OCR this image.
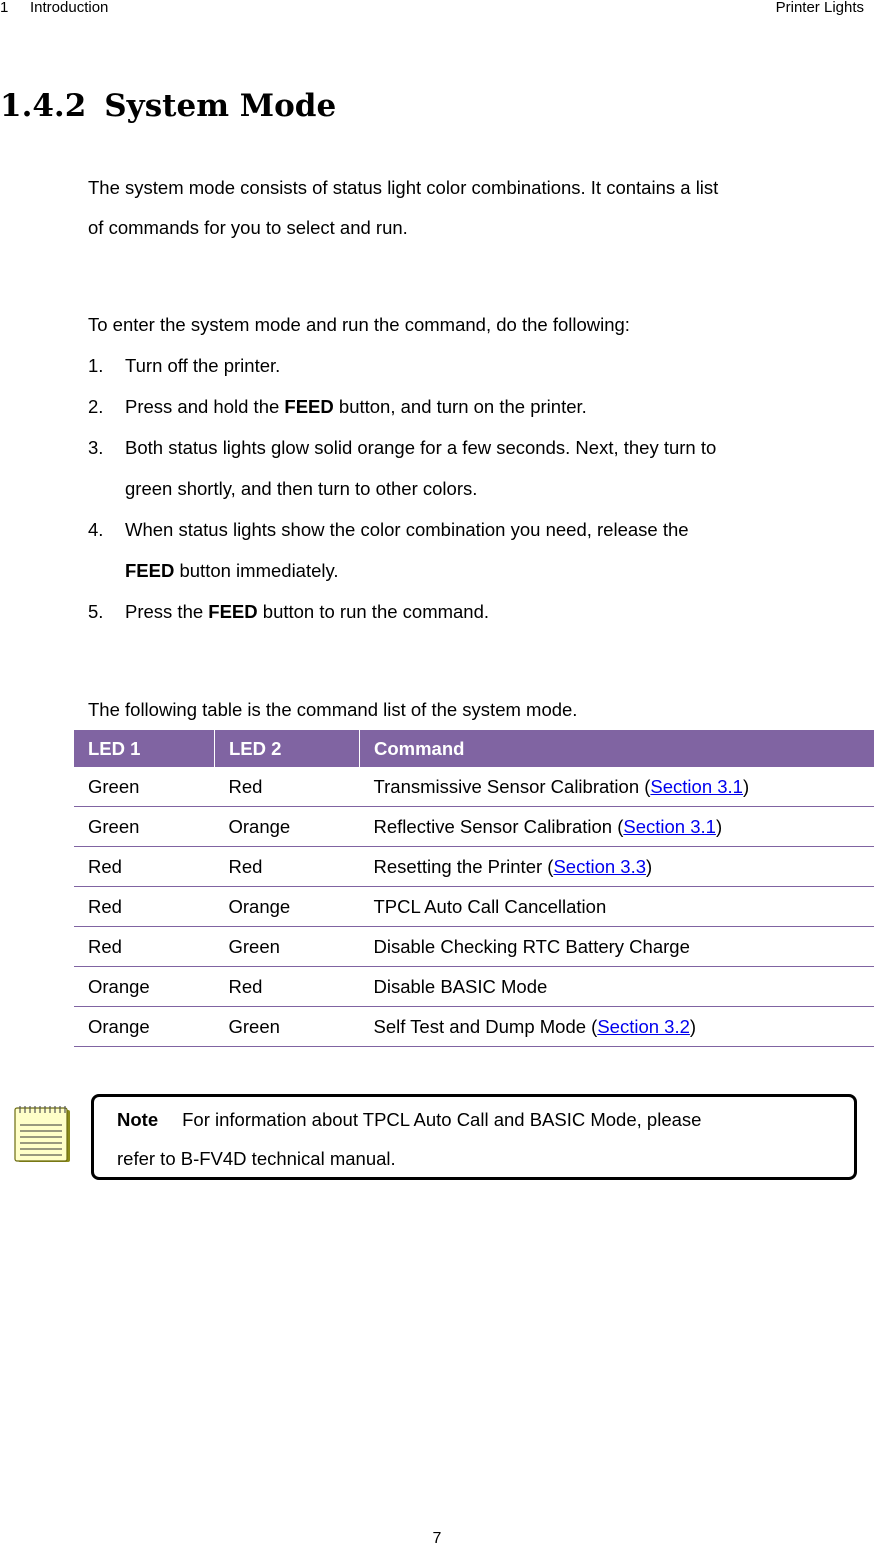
1 Introduction	Printer Lights
1.4.2 System Mode
The system mode consists of status light color combinations. It contains a list
of commands for you to select and run.
To enter the system mode and run the command, do the following:
1. Turn off the printer.
2. Press and hold the FEED button, and turn on the printer.
3. Both status lights glow solid orange for a few seconds. Next, they turn to
green shortly, and then turn to other colors.
4. When status lights show the color combination you need, release the
FEED button immediately.
5. Press the FEED button to run the command.
The following table is the command list of the system mode.
LED 1	LED 2	Command
Green	Red	Transmissive Sensor Calibration (Section 3.1)
Green	Orange	Reflective Sensor Calibration (Section 3.1)
Red	Red	Resetting the Printer (Section 3.3)
Red	Orange	TPCL Auto Call Cancellation
Red	Green	Disable Checking RTC Battery Charge
Orange	Red	Disable BASIC Mode
Orange	Green	Self Test and Dump Mode (Section 3.2)
Note For information about TPCL Auto Call and BASIC Mode, please
refer to B-FV4D technical manual.
7
